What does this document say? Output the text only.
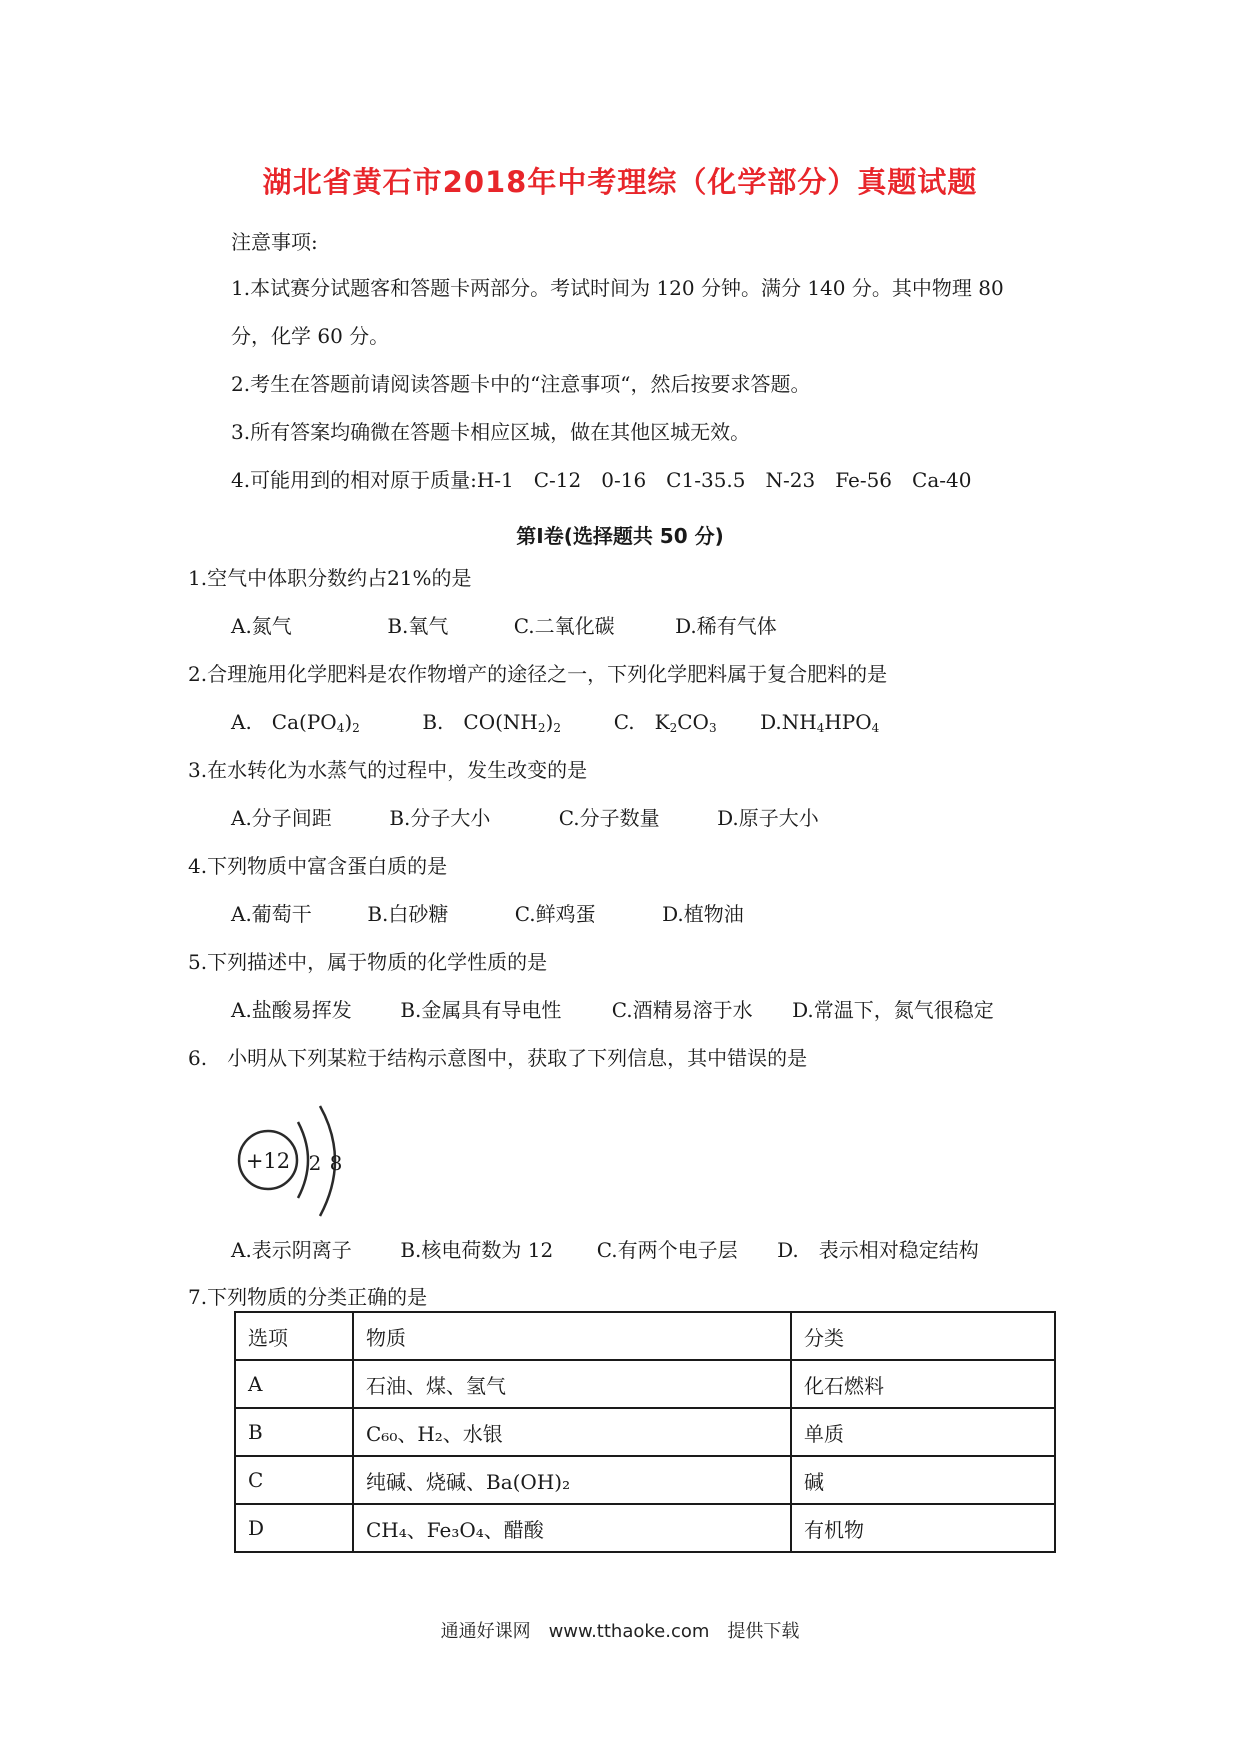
湖北省黄石市2018年中考理综（化学部分）真题试题
注意事项:
1.本试赛分试题客和答题卡两部分。考试时间为 120 分钟。满分 140 分。其中物理 80
分，化学 60 分。
2.考生在答题前请阅读答题卡中的“注意事项“，然后按要求答题。
3.所有答案均确微在答题卡相应区城，做在其他区城无效。
4.可能用到的相对原于质量:H-1　C-12　0-16　C1-35.5　N-23　Fe-56　Ca-40
第Ⅰ卷(选择题共 50 分)
1.空气中体职分数约占21%的是
A.氮气	B.氧气	C.二氧化碳	D.稀有气体
2.合理施用化学肥料是农作物增产的途径之一，下列化学肥料属于复合肥料的是
A.　$Ca(PO_4)_2$	B.　$CO(NH_2)_2$	C.　$K_2CO_3$ $D.NH_4HPO_4$
3.在水转化为水蒸气的过程中，发生改变的是
A.分子间距	B.分子大小	C.分子数量	D.原子大小
4.下列物质中富含蛋白质的是
A.葡萄干	B.白砂糖	C.鲜鸡蛋	D.植物油
5.下列描述中，属于物质的化学性质的是
A.盐酸易挥发 B.金属具有导电性	C.酒精易溶于水 D.常温下，氮气很稳定
6.　小明从下列某粒于结构示意图中，获取了下列信息，其中错误的是
+12 2 8
A.表示阴离子 B.核电荷数为 12 C.有两个电子层 D.　表示相对稳定结构
7.下列物质的分类正确的是
选项	物质	分类
A	石油、煤、氢气	化石燃料
B	C₆₀、H₂、水银	单质
C	纯碱、烧碱、Ba(OH)₂	碱
D	CH₄、Fe₃O₄、醋酸	有机物
通通好课网　www.tthaoke.com　提供下载
